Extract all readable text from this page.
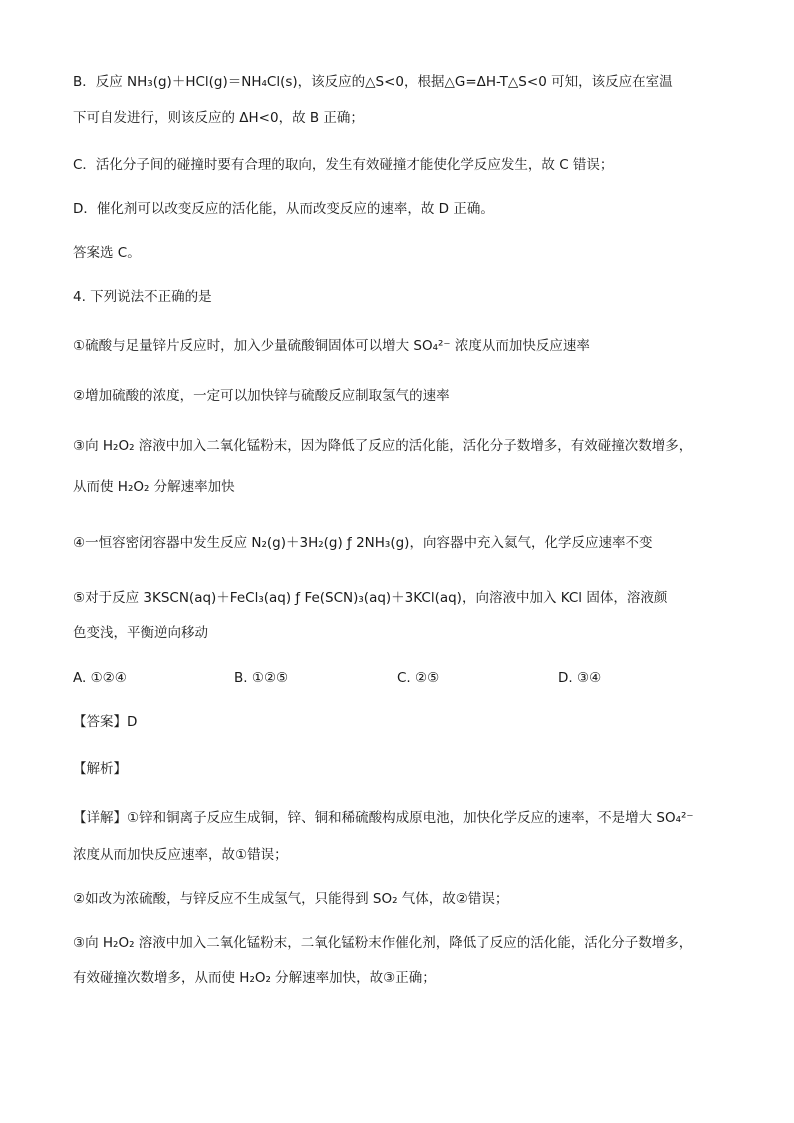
B．反应 NH₃(g)＋HCl(g)＝NH₄Cl(s)，该反应的△S<0，根据△G=ΔH-T△S<0 可知，该反应在室温
下可自发进行，则该反应的 ΔH<0，故 B 正确；
C．活化分子间的碰撞时要有合理的取向，发生有效碰撞才能使化学反应发生，故 C 错误；
D．催化剂可以改变反应的活化能，从而改变反应的速率，故 D 正确。
答案选 C。
4. 下列说法不正确的是
①硫酸与足量锌片反应时，加入少量硫酸铜固体可以增大 SO₄²⁻ 浓度从而加快反应速率
②增加硫酸的浓度，一定可以加快锌与硫酸反应制取氢气的速率
③向 H₂O₂ 溶液中加入二氧化锰粉末，因为降低了反应的活化能，活化分子数增多，有效碰撞次数增多，
从而使 H₂O₂ 分解速率加快
④一恒容密闭容器中发生反应 N₂(g)＋3H₂(g) ƒ 2NH₃(g)，向容器中充入氦气，化学反应速率不变
⑤对于反应 3KSCN(aq)＋FeCl₃(aq) ƒ Fe(SCN)₃(aq)＋3KCl(aq)，向溶液中加入 KCl 固体，溶液颜
色变浅，平衡逆向移动
A. ①②④	B. ①②⑤	C. ②⑤	D. ③④
【答案】D
【解析】
【详解】①锌和铜离子反应生成铜，锌、铜和稀硫酸构成原电池，加快化学反应的速率，不是增大 SO₄²⁻
浓度从而加快反应速率，故①错误；
②如改为浓硫酸，与锌反应不生成氢气，只能得到 SO₂ 气体，故②错误；
③向 H₂O₂ 溶液中加入二氧化锰粉末，二氧化锰粉末作催化剂，降低了反应的活化能，活化分子数增多，
有效碰撞次数增多，从而使 H₂O₂ 分解速率加快，故③正确；
